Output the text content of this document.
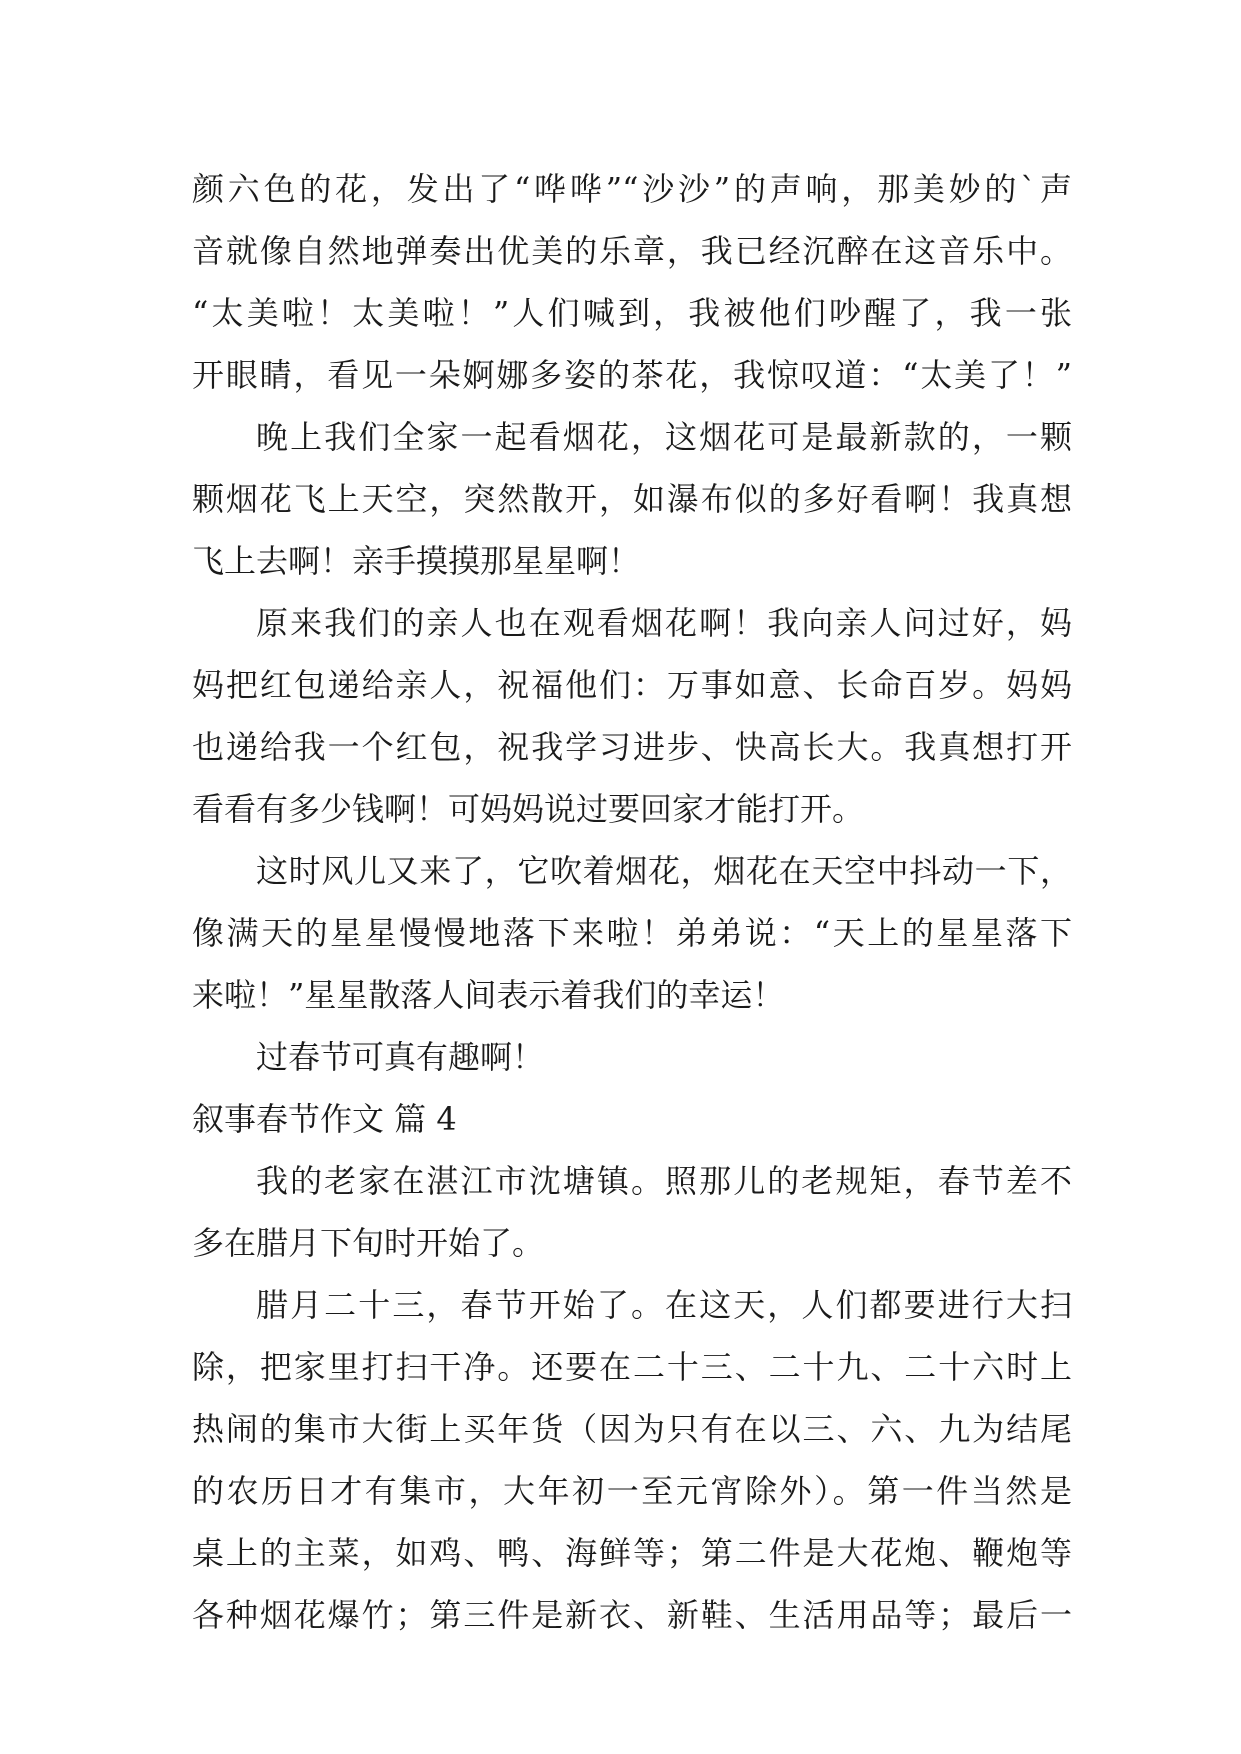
颜六色的花，发出了“哗哗”“沙沙”的声响，那美妙的`声
音就像自然地弹奏出优美的乐章，我已经沉醉在这音乐中。
“太美啦！太美啦！”人们喊到，我被他们吵醒了，我一张
开眼睛，看见一朵婀娜多姿的茶花，我惊叹道：“太美了！”
晚上我们全家一起看烟花，这烟花可是最新款的，一颗
颗烟花飞上天空，突然散开，如瀑布似的多好看啊！我真想
飞上去啊！亲手摸摸那星星啊！
原来我们的亲人也在观看烟花啊！我向亲人问过好，妈
妈把红包递给亲人，祝福他们：万事如意、长命百岁。妈妈
也递给我一个红包，祝我学习进步、快高长大。我真想打开
看看有多少钱啊！可妈妈说过要回家才能打开。
这时风儿又来了，它吹着烟花，烟花在天空中抖动一下，
像满天的星星慢慢地落下来啦！弟弟说：“天上的星星落下
来啦！”星星散落人间表示着我们的幸运！
过春节可真有趣啊！
叙事春节作文 篇 4
我的老家在湛江市沈塘镇。照那儿的老规矩，春节差不
多在腊月下旬时开始了。
腊月二十三，春节开始了。在这天，人们都要进行大扫
除，把家里打扫干净。还要在二十三、二十九、二十六时上
热闹的集市大街上买年货（因为只有在以三、六、九为结尾
的农历日才有集市，大年初一至元宵除外）。第一件当然是
桌上的主菜，如鸡、鸭、海鲜等；第二件是大花炮、鞭炮等
各种烟花爆竹；第三件是新衣、新鞋、生活用品等；最后一
